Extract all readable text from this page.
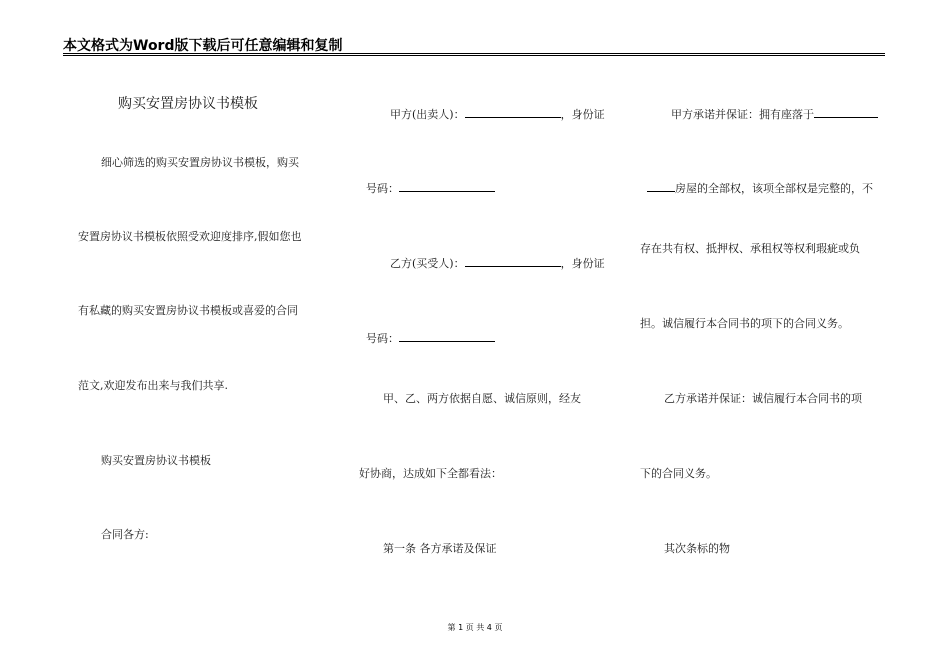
本文格式为Word版下载后可任意编辑和复制
购买安置房协议书模板
细心筛选的购买安置房协议书模板，购买
安置房协议书模板依照受欢迎度排序,假如您也
有私藏的购买安置房协议书模板或喜爱的合同
范文,欢迎发布出来与我们共享.
购买安置房协议书模板
合同各方:

甲方(出卖人)：	，身份证

号码：

乙方(买受人)：	，身份证

号码：

甲、乙、两方依据自愿、诚信原则，经友
好协商，达成如下全都看法：
第一条 各方承诺及保证

甲方承诺并保证：拥有座落于

房屋的全部权，该项全部权是完整的，不

存在共有权、抵押权、承租权等权利瑕疵或负
担。诚信履行本合同书的项下的合同义务。
乙方承诺并保证：诚信履行本合同书的项
下的合同义务。
其次条标的物
第 1 页 共 4 页
